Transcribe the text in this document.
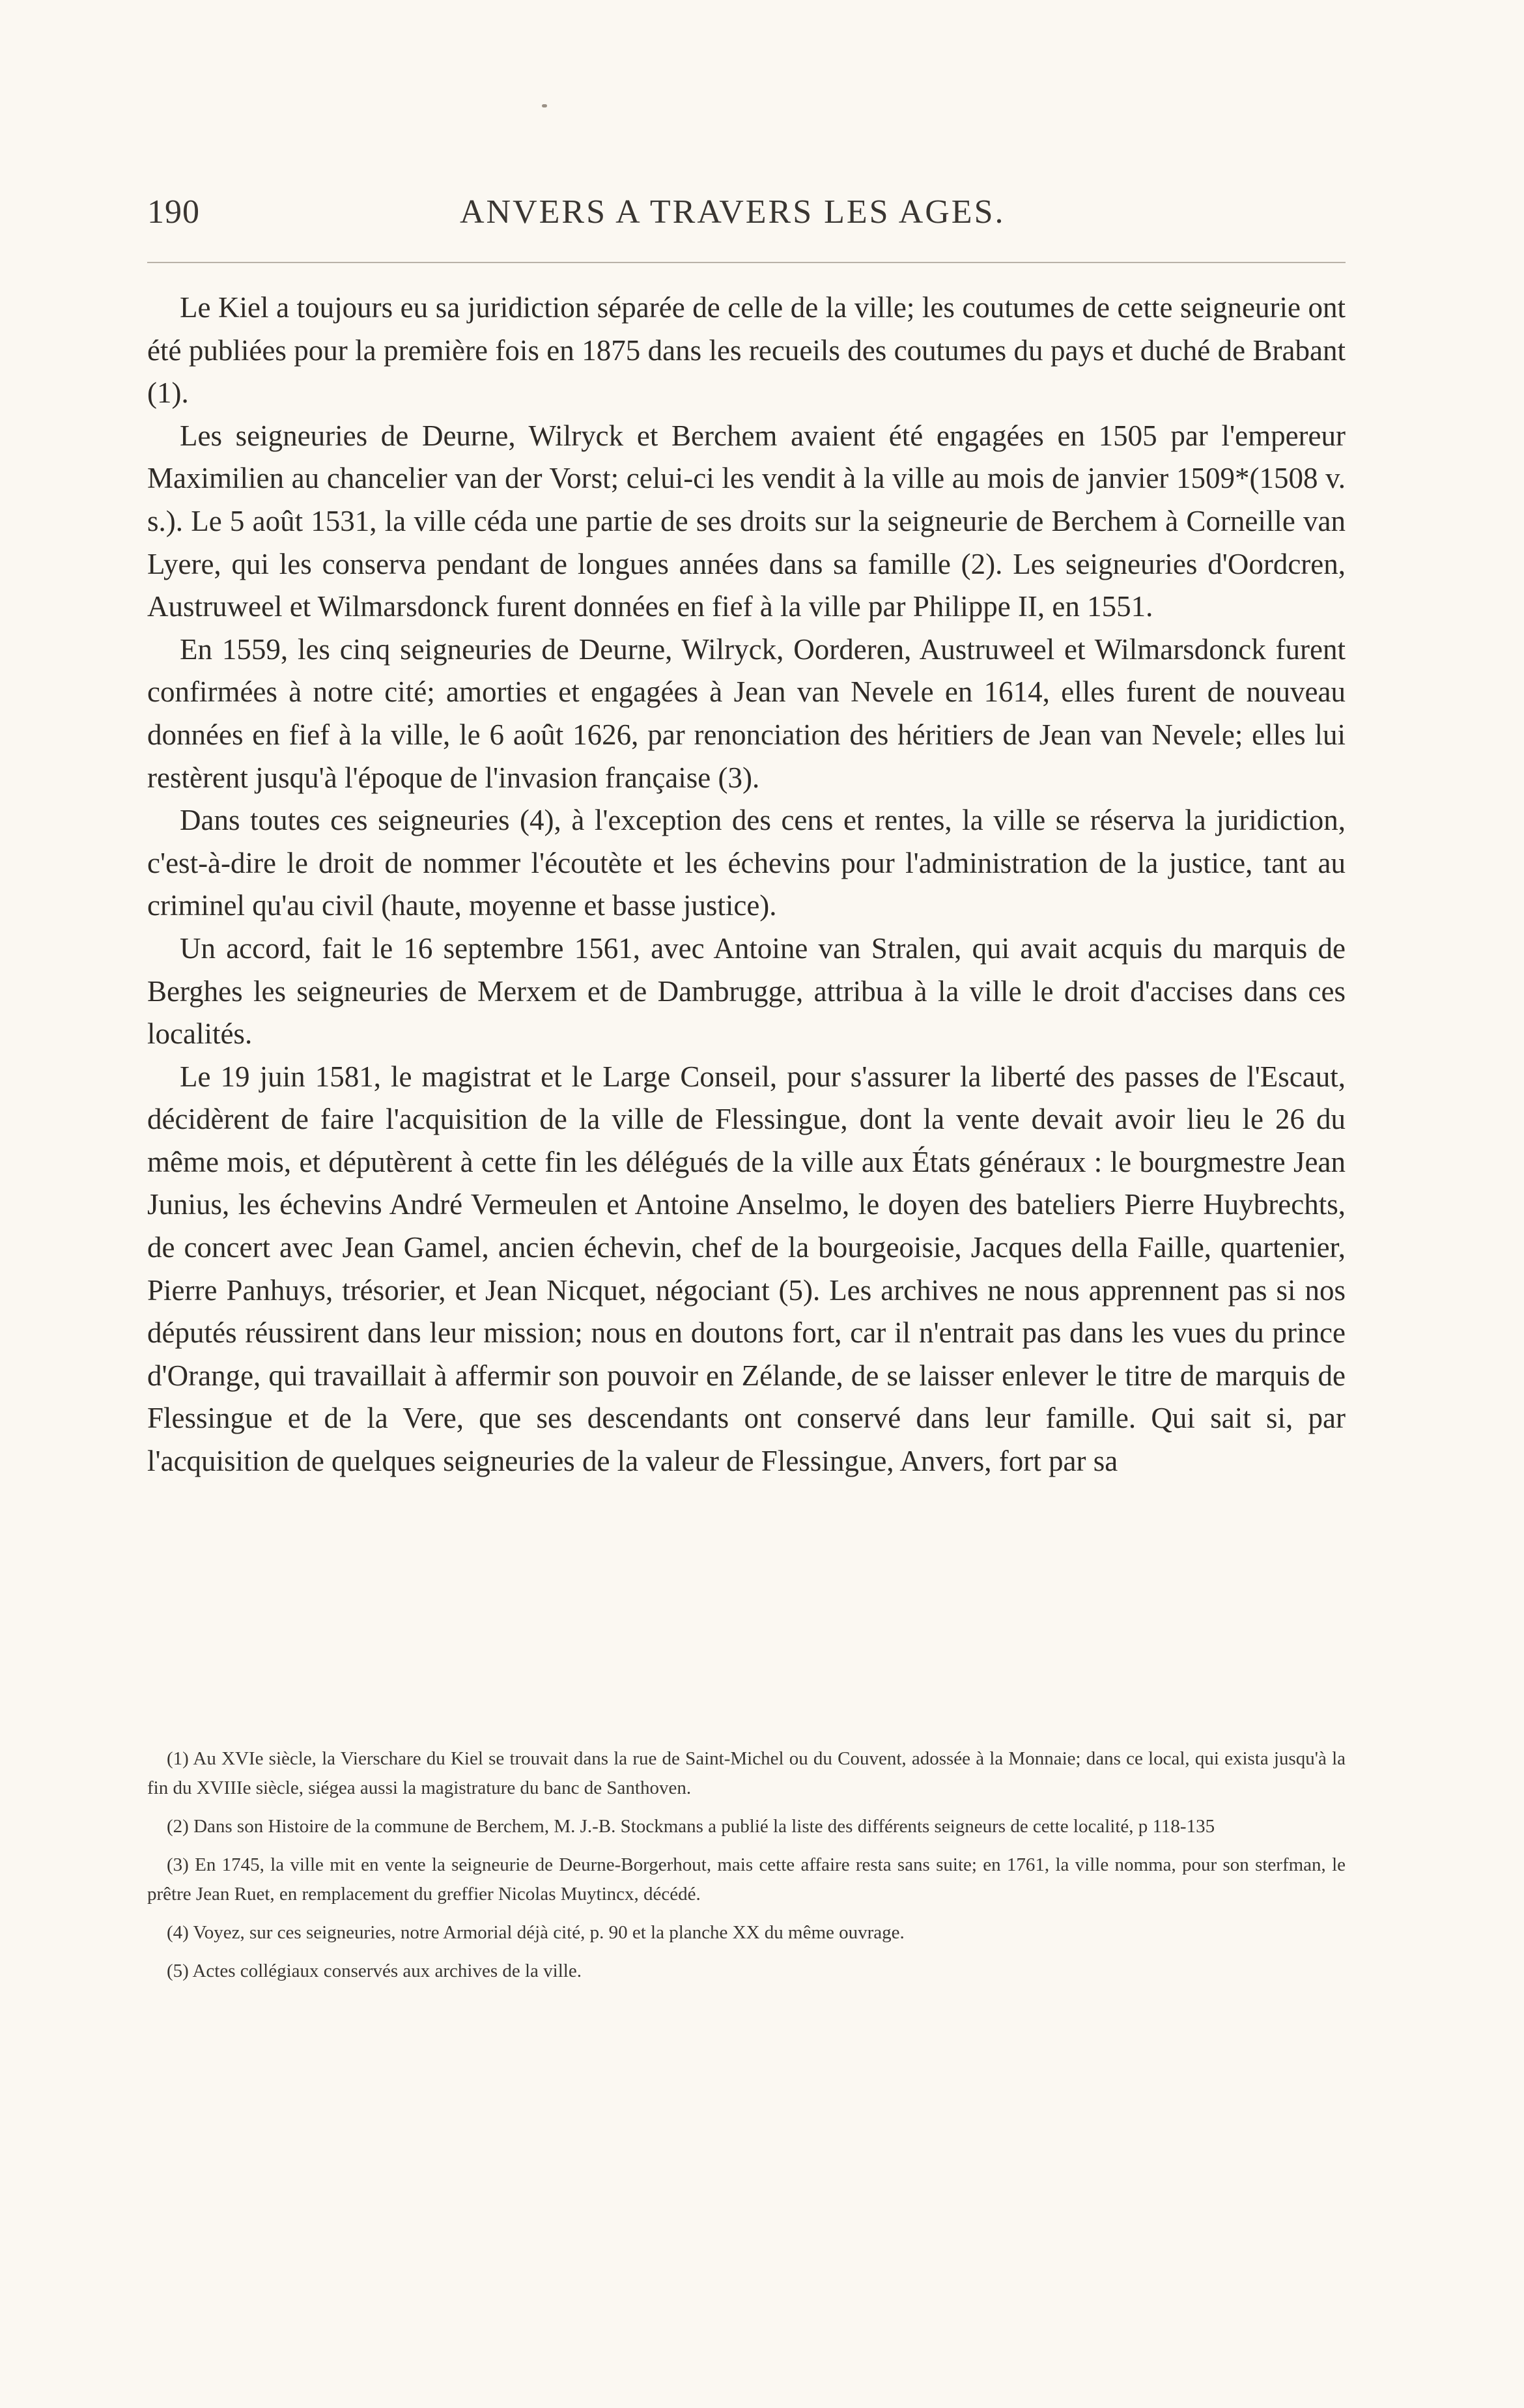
190	ANVERS A TRAVERS LES AGES.

Le Kiel a toujours eu sa juridiction séparée de celle de la ville; les coutumes de cette seigneurie ont été publiées pour la première fois en 1875 dans les recueils des coutumes du pays et duché de Brabant (1).

Les seigneuries de Deurne, Wilryck et Berchem avaient été engagées en 1505 par l'empereur Maximilien au chancelier van der Vorst; celui-ci les vendit à la ville au mois de janvier 1509*(1508 v. s.). Le 5 août 1531, la ville céda une partie de ses droits sur la seigneurie de Berchem à Corneille van Lyere, qui les conserva pendant de longues années dans sa famille (2). Les seigneuries d'Oordcren, Austruweel et Wilmarsdonck furent données en fief à la ville par Philippe II, en 1551.

En 1559, les cinq seigneuries de Deurne, Wilryck, Oorderen, Austruweel et Wilmarsdonck furent confirmées à notre cité; amorties et engagées à Jean van Nevele en 1614, elles furent de nouveau données en fief à la ville, le 6 août 1626, par renonciation des héritiers de Jean van Nevele; elles lui restèrent jusqu'à l'époque de l'invasion française (3).

Dans toutes ces seigneuries (4), à l'exception des cens et rentes, la ville se réserva la juridiction, c'est-à-dire le droit de nommer l'écoutète et les échevins pour l'administration de la justice, tant au criminel qu'au civil (haute, moyenne et basse justice).

Un accord, fait le 16 septembre 1561, avec Antoine van Stralen, qui avait acquis du marquis de Berghes les seigneuries de Merxem et de Dambrugge, attribua à la ville le droit d'accises dans ces localités.

Le 19 juin 1581, le magistrat et le Large Conseil, pour s'assurer la liberté des passes de l'Escaut, décidèrent de faire l'acquisition de la ville de Flessingue, dont la vente devait avoir lieu le 26 du même mois, et députèrent à cette fin les délégués de la ville aux États généraux : le bourgmestre Jean Junius, les échevins André Vermeulen et Antoine Anselmo, le doyen des bateliers Pierre Huybrechts, de concert avec Jean Gamel, ancien échevin, chef de la bourgeoisie, Jacques della Faille, quartenier, Pierre Panhuys, trésorier, et Jean Nicquet, négociant (5). Les archives ne nous apprennent pas si nos députés réussirent dans leur mission; nous en doutons fort, car il n'entrait pas dans les vues du prince d'Orange, qui travaillait à affermir son pouvoir en Zélande, de se laisser enlever le titre de marquis de Flessingue et de la Vere, que ses descendants ont conservé dans leur famille. Qui sait si, par l'acquisition de quelques seigneuries de la valeur de Flessingue, Anvers, fort par sa

(1) Au XVIe siècle, la Vierschare du Kiel se trouvait dans la rue de Saint-Michel ou du Couvent, adossée à la Monnaie; dans ce local, qui exista jusqu'à la fin du XVIIIe siècle, siégea aussi la magistrature du banc de Santhoven.

(2) Dans son Histoire de la commune de Berchem, M. J.-B. Stockmans a publié la liste des différents seigneurs de cette localité, p 118-135

(3) En 1745, la ville mit en vente la seigneurie de Deurne-Borgerhout, mais cette affaire resta sans suite; en 1761, la ville nomma, pour son sterfman, le prêtre Jean Ruet, en remplacement du greffier Nicolas Muytincx, décédé.

(4) Voyez, sur ces seigneuries, notre Armorial déjà cité, p. 90 et la planche XX du même ouvrage.

(5) Actes collégiaux conservés aux archives de la ville.
